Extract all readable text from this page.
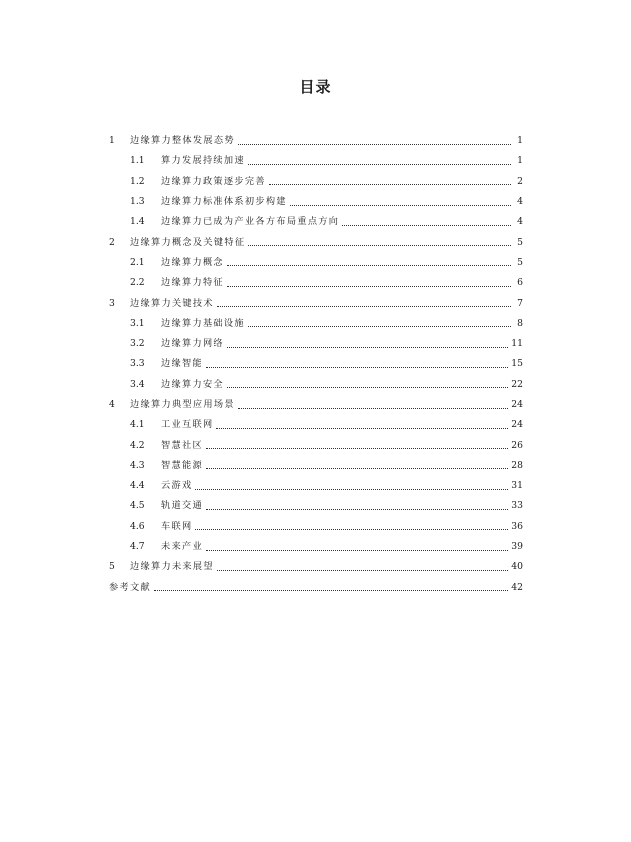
目录
1	边缘算力整体发展态势	1
1.1	算力发展持续加速	1
1.2	边缘算力政策逐步完善	2
1.3	边缘算力标准体系初步构建	4
1.4	边缘算力已成为产业各方布局重点方向	4
2	边缘算力概念及关键特征	5
2.1	边缘算力概念	5
2.2	边缘算力特征	6
3	边缘算力关键技术	7
3.1	边缘算力基础设施	8
3.2	边缘算力网络	11
3.3	边缘智能	15
3.4	边缘算力安全	22
4	边缘算力典型应用场景	24
4.1	工业互联网	24
4.2	智慧社区	26
4.3	智慧能源	28
4.4	云游戏	31
4.5	轨道交通	33
4.6	车联网	36
4.7	未来产业	39
5	边缘算力未来展望	40
参考文献	42
